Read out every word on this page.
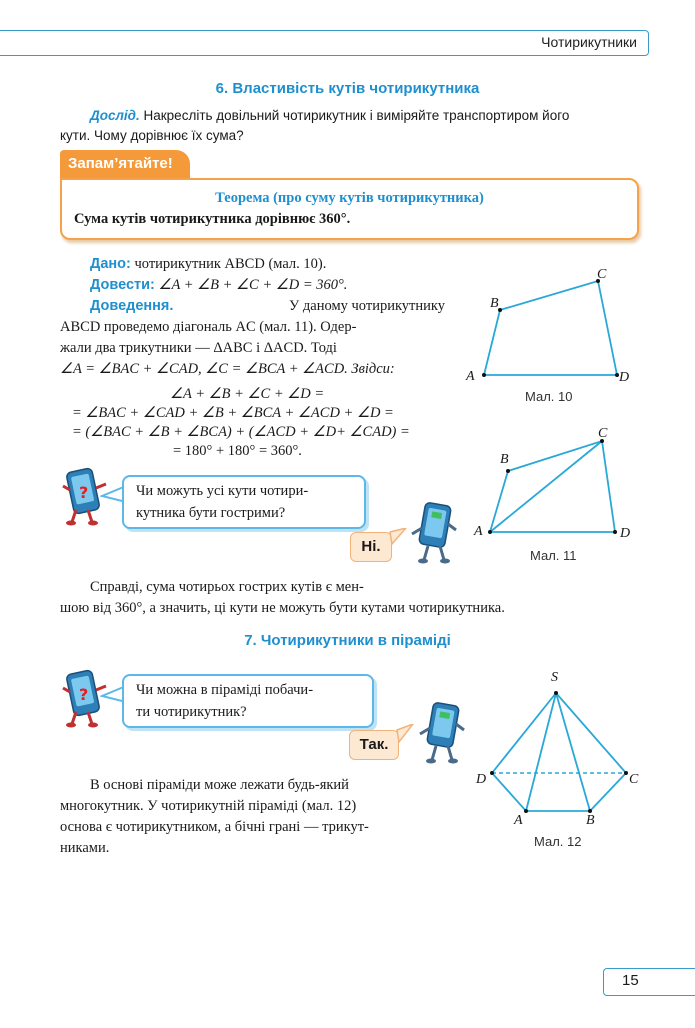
Чотирикутники
6. Властивість кутів чотирикутника
Дослід. Накресліть довільний чотирикутник і виміряйте транспортиром його
кути. Чому дорівнює їх сума?
Запам’ятайте!
Теорема (про суму кутів чотирикутника)
Сума кутів чотирикутника дорівнює 360°.
Дано: чотирикутник ABCD (мал. 10).
Довести: ∠A + ∠B + ∠C + ∠D = 360°.
Доведення.	У даному чотирикутнику
ABCD проведемо діагональ AC (мал. 11). Одер-
жали два трикутники — ΔABC і ΔACD. Тоді
∠A = ∠BAC + ∠CAD, ∠C = ∠BCA + ∠ACD. Звідси:
∠A + ∠B + ∠C + ∠D =
= ∠BAC + ∠CAD + ∠B + ∠BCA + ∠ACD + ∠D =
= (∠BAC + ∠B + ∠BCA) + (∠ACD + ∠D+ ∠CAD) =
= 180° + 180° = 360°.
A
B
C
D
Мал. 10
A
B
C
D
Мал. 11
?	Чи можуть усі кути чотири-
кутника бути гострими?
Ні.
Справді, сума чотирьох гострих кутів є мен-
шою від 360°, а значить, ці кути не можуть бути кутами чотирикутника.
7. Чотирикутники в піраміді
?	Чи можна в піраміді побачи-
ти чотирикутник?
Так.
S
D	C
A	B
Мал. 12
В основі піраміди може лежати будь-який
многокутник. У чотирикутній піраміді (мал. 12)
основа є чотирикутником, а бічні грані — трикут-
никами.
15
